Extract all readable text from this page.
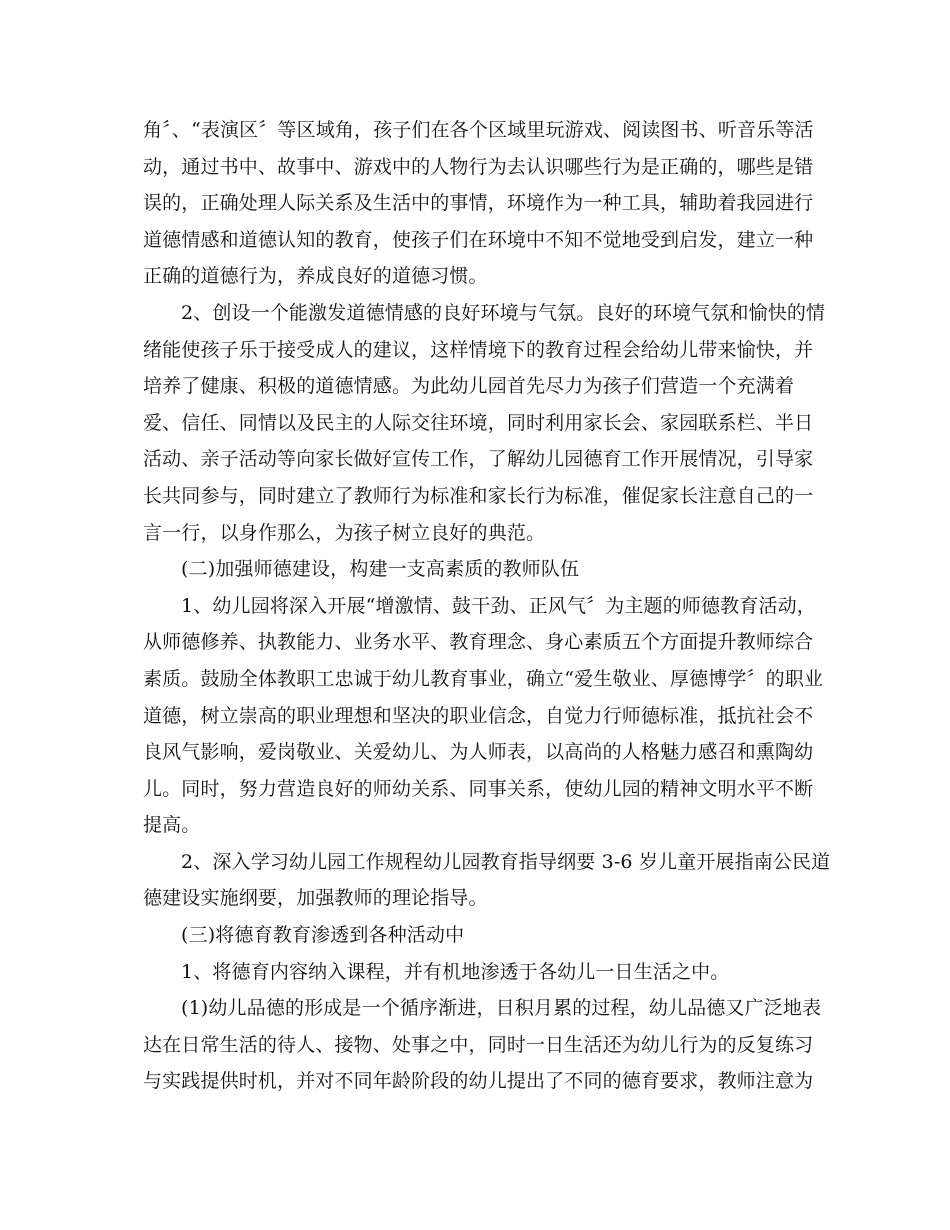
角〞、“表演区〞等区域角，孩子们在各个区域里玩游戏、阅读图书、听音乐等活
动，通过书中、故事中、游戏中的人物行为去认识哪些行为是正确的，哪些是错
误的，正确处理人际关系及生活中的事情，环境作为一种工具，辅助着我园进行
道德情感和道德认知的教育，使孩子们在环境中不知不觉地受到启发，建立一种
正确的道德行为，养成良好的道德习惯。
2、创设一个能激发道德情感的良好环境与气氛。良好的环境气氛和愉快的情
绪能使孩子乐于接受成人的建议，这样情境下的教育过程会给幼儿带来愉快，并
培养了健康、积极的道德情感。为此幼儿园首先尽力为孩子们营造一个充满着
爱、信任、同情以及民主的人际交往环境，同时利用家长会、家园联系栏、半日
活动、亲子活动等向家长做好宣传工作，了解幼儿园德育工作开展情况，引导家
长共同参与，同时建立了教师行为标准和家长行为标准，催促家长注意自己的一
言一行，以身作那么，为孩子树立良好的典范。
(二)加强师德建设，构建一支高素质的教师队伍
1、幼儿园将深入开展“增激情、鼓干劲、正风气〞为主题的师德教育活动，
从师德修养、执教能力、业务水平、教育理念、身心素质五个方面提升教师综合
素质。鼓励全体教职工忠诚于幼儿教育事业，确立“爱生敬业、厚德博学〞的职业
道德，树立崇高的职业理想和坚决的职业信念，自觉力行师德标准，抵抗社会不
良风气影响，爱岗敬业、关爱幼儿、为人师表，以高尚的人格魅力感召和熏陶幼
儿。同时，努力营造良好的师幼关系、同事关系，使幼儿园的精神文明水平不断
提高。
2、深入学习幼儿园工作规程幼儿园教育指导纲要 3-6 岁儿童开展指南公民道
德建设实施纲要，加强教师的理论指导。
(三)将德育教育渗透到各种活动中
1、将德育内容纳入课程，并有机地渗透于各幼儿一日生活之中。
(1)幼儿品德的形成是一个循序渐进，日积月累的过程，幼儿品德又广泛地表
达在日常生活的待人、接物、处事之中，同时一日生活还为幼儿行为的反复练习
与实践提供时机，并对不同年龄阶段的幼儿提出了不同的德育要求，教师注意为
